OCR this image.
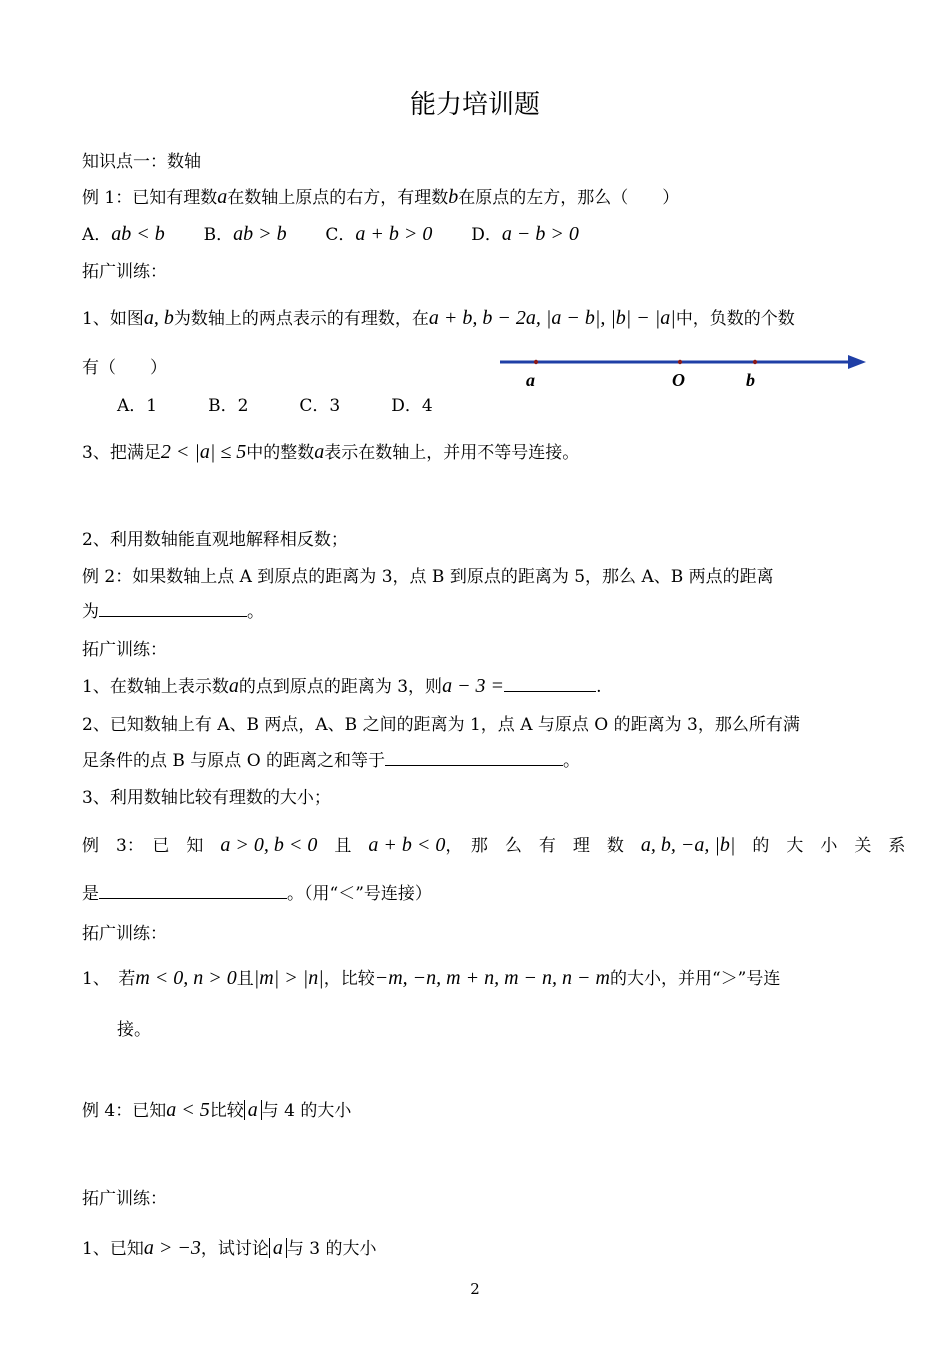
能力培训题
知识点一：数轴
例 1：已知有理数a在数轴上原点的右方，有理数b在原点的左方，那么（　　）
A．ab < b B．ab > b C．a + b > 0 D．a − b > 0
拓广训练：
1、如图a, b为数轴上的两点表示的有理数，在a + b, b − 2a, |a − b|, |b| − |a|中，负数的个数
有（　　）
a	O	b
A．1　　　B．2　　　C．3　　　D．4
3、把满足2 < |a| ≤ 5中的整数a表示在数轴上，并用不等号连接。
2、利用数轴能直观地解释相反数；
例 2：如果数轴上点 A 到原点的距离为 3，点 B 到原点的距离为 5，那么 A、B 两点的距离
为	。
拓广训练：
1、在数轴上表示数a的点到原点的距离为 3，则a − 3 =	.
2、已知数轴上有 A、B 两点，A、B 之间的距离为 1，点 A 与原点 O 的距离为 3，那么所有满
足条件的点 B 与原点 O 的距离之和等于	。
3、利用数轴比较有理数的大小；
例　3：　已　知　 a > 0, b < 0　 且　 a + b < 0，　那　么　有　理　数　 a, b, −a, |b|　 的　大　小　关　系
是	。（用“＜”号连接）
拓广训练：
1、　若m < 0, n > 0且|m| > |n|，比较−m, −n, m + n, m − n, n − m的大小，并用“＞”号连
接。
例 4：已知a < 5比较 a 与 4 的大小
拓广训练：
1、已知a > −3，试讨论 a 与 3 的大小
2
